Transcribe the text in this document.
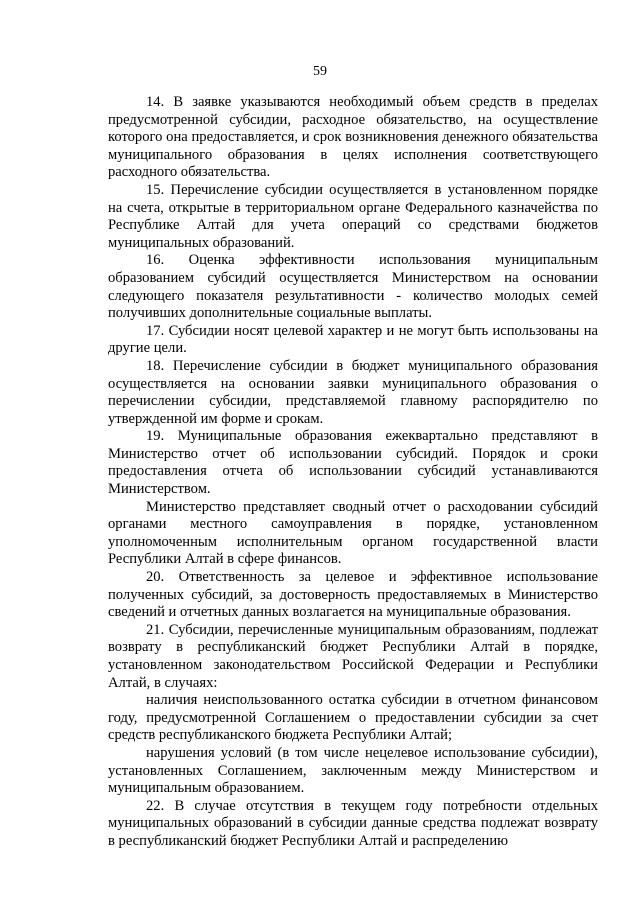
59

14. В заявке указываются необходимый объем средств в пределах предусмотренной субсидии, расходное обязательство, на осуществление которого она предоставляется, и срок возникновения денежного обязательства муниципального образования в целях исполнения соответствующего расходного обязательства.

15. Перечисление субсидии осуществляется в установленном порядке на счета, открытые в территориальном органе Федерального казначейства по Республике Алтай для учета операций со средствами бюджетов муниципальных образований.

16. Оценка эффективности использования муниципальным образованием субсидий осуществляется Министерством на основании следующего показателя результативности - количество молодых семей получивших дополнительные социальные выплаты.

17. Субсидии носят целевой характер и не могут быть использованы на другие цели.

18. Перечисление субсидии в бюджет муниципального образования осуществляется на основании заявки муниципального образования о перечислении субсидии, представляемой главному распорядителю по утвержденной им форме и срокам.

19. Муниципальные образования ежеквартально представляют в Министерство отчет об использовании субсидий. Порядок и сроки предоставления отчета об использовании субсидий устанавливаются Министерством.

Министерство представляет сводный отчет о расходовании субсидий органами местного самоуправления в порядке, установленном уполномоченным исполнительным органом государственной власти Республики Алтай в сфере финансов.

20. Ответственность за целевое и эффективное использование полученных субсидий, за достоверность предоставляемых в Министерство сведений и отчетных данных возлагается на муниципальные образования.

21. Субсидии, перечисленные муниципальным образованиям, подлежат возврату в республиканский бюджет Республики Алтай в порядке, установленном законодательством Российской Федерации и Республики Алтай, в случаях:

наличия неиспользованного остатка субсидии в отчетном финансовом году, предусмотренной Соглашением о предоставлении субсидии за счет средств республиканского бюджета Республики Алтай;

нарушения условий (в том числе нецелевое использование субсидии), установленных Соглашением, заключенным между Министерством и муниципальным образованием.

22. В случае отсутствия в текущем году потребности отдельных муниципальных образований в субсидии данные средства подлежат возврату в республиканский бюджет Республики Алтай и распределению
